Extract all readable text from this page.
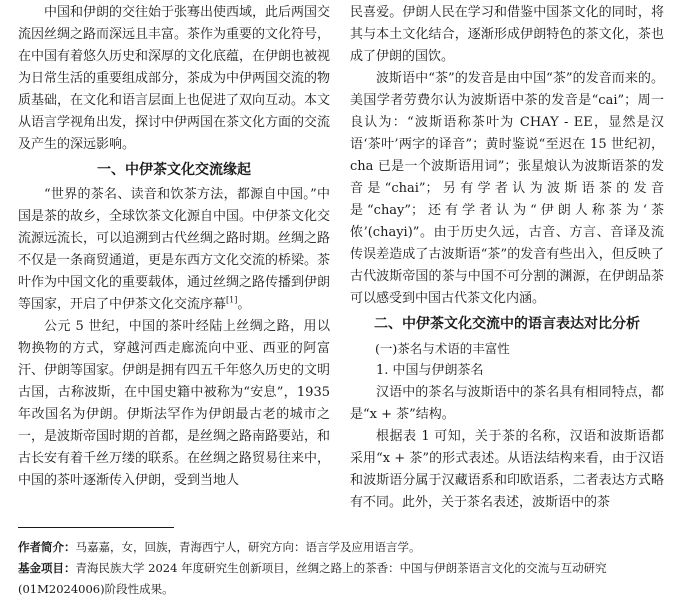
中国和伊朗的交往始于张骞出使西域，此后两国交流因丝绸之路而深远且丰富。茶作为重要的文化符号，在中国有着悠久历史和深厚的文化底蕴，在伊朗也被视为日常生活的重要组成部分，茶成为中伊两国交流的物质基础，在文化和语言层面上也促进了双向互动。本文从语言学视角出发，探讨中伊两国在茶文化方面的交流及产生的深远影响。

一、中伊茶文化交流缘起

“世界的茶名、读音和饮茶方法，都源自中国。”中国是茶的故乡，全球饮茶文化源自中国。中伊茶文化交流源远流长，可以追溯到古代丝绸之路时期。丝绸之路不仅是一条商贸通道，更是东西方文化交流的桥梁。茶叶作为中国文化的重要载体，通过丝绸之路传播到伊朗等国家，开启了中伊茶文化交流序幕[1]。

公元 5 世纪，中国的茶叶经陆上丝绸之路，用以物换物的方式，穿越河西走廊流向中亚、西亚的阿富汗、伊朗等国家。伊朗是拥有四五千年悠久历史的文明古国，古称波斯，在中国史籍中被称为“安息”，1935 年改国名为伊朗。伊斯法罕作为伊朗最古老的城市之一，是波斯帝国时期的首都，是丝绸之路南路要站，和古长安有着千丝万缕的联系。在丝绸之路贸易往来中，中国的茶叶逐渐传入伊朗，受到当地人

民喜爱。伊朗人民在学习和借鉴中国茶文化的同时，将其与本土文化结合，逐渐形成伊朗特色的茶文化，茶也成了伊朗的国饮。

波斯语中“茶”的发音是由中国“茶”的发音而来的。美国学者劳费尔认为波斯语中茶的发音是“cai”；周一良认为：“波斯语称茶叶为 CHAY - EE，显然是汉语‘茶叶’两字的译音”；黄时鉴说“至迟在 15 世纪初，cha 已是一个波斯语用词”；张星烺认为波斯语茶的发音是“chai”；另有学者认为波斯语茶的发音是“chay”；还有学者认为“伊朗人称茶为‘茶侬’(chayi)”。由于历史久远，古音、方言、音译及流传误差造成了古波斯语“茶”的发音有些出入，但反映了古代波斯帝国的茶与中国不可分割的渊源，在伊朗品茶可以感受到中国古代茶文化内涵。

二、中伊茶文化交流中的语言表达对比分析
(一)茶名与术语的丰富性
1. 中国与伊朗茶名

汉语中的茶名与波斯语中的茶名具有相同特点，都是“x + 茶”结构。

根据表 1 可知，关于茶的名称，汉语和波斯语都采用“x + 茶”的形式表述。从语法结构来看，由于汉语和波斯语分属于汉藏语系和印欧语系，二者表达方式略有不同。此外，关于茶名表述，波斯语中的茶

作者简介：马嘉嘉，女，回族，青海西宁人，研究方向：语言学及应用语言学。

基金项目：青海民族大学 2024 年度研究生创新项目，丝绸之路上的茶香：中国与伊朗茶语言文化的交流与互动研究(01M2024006)阶段性成果。
